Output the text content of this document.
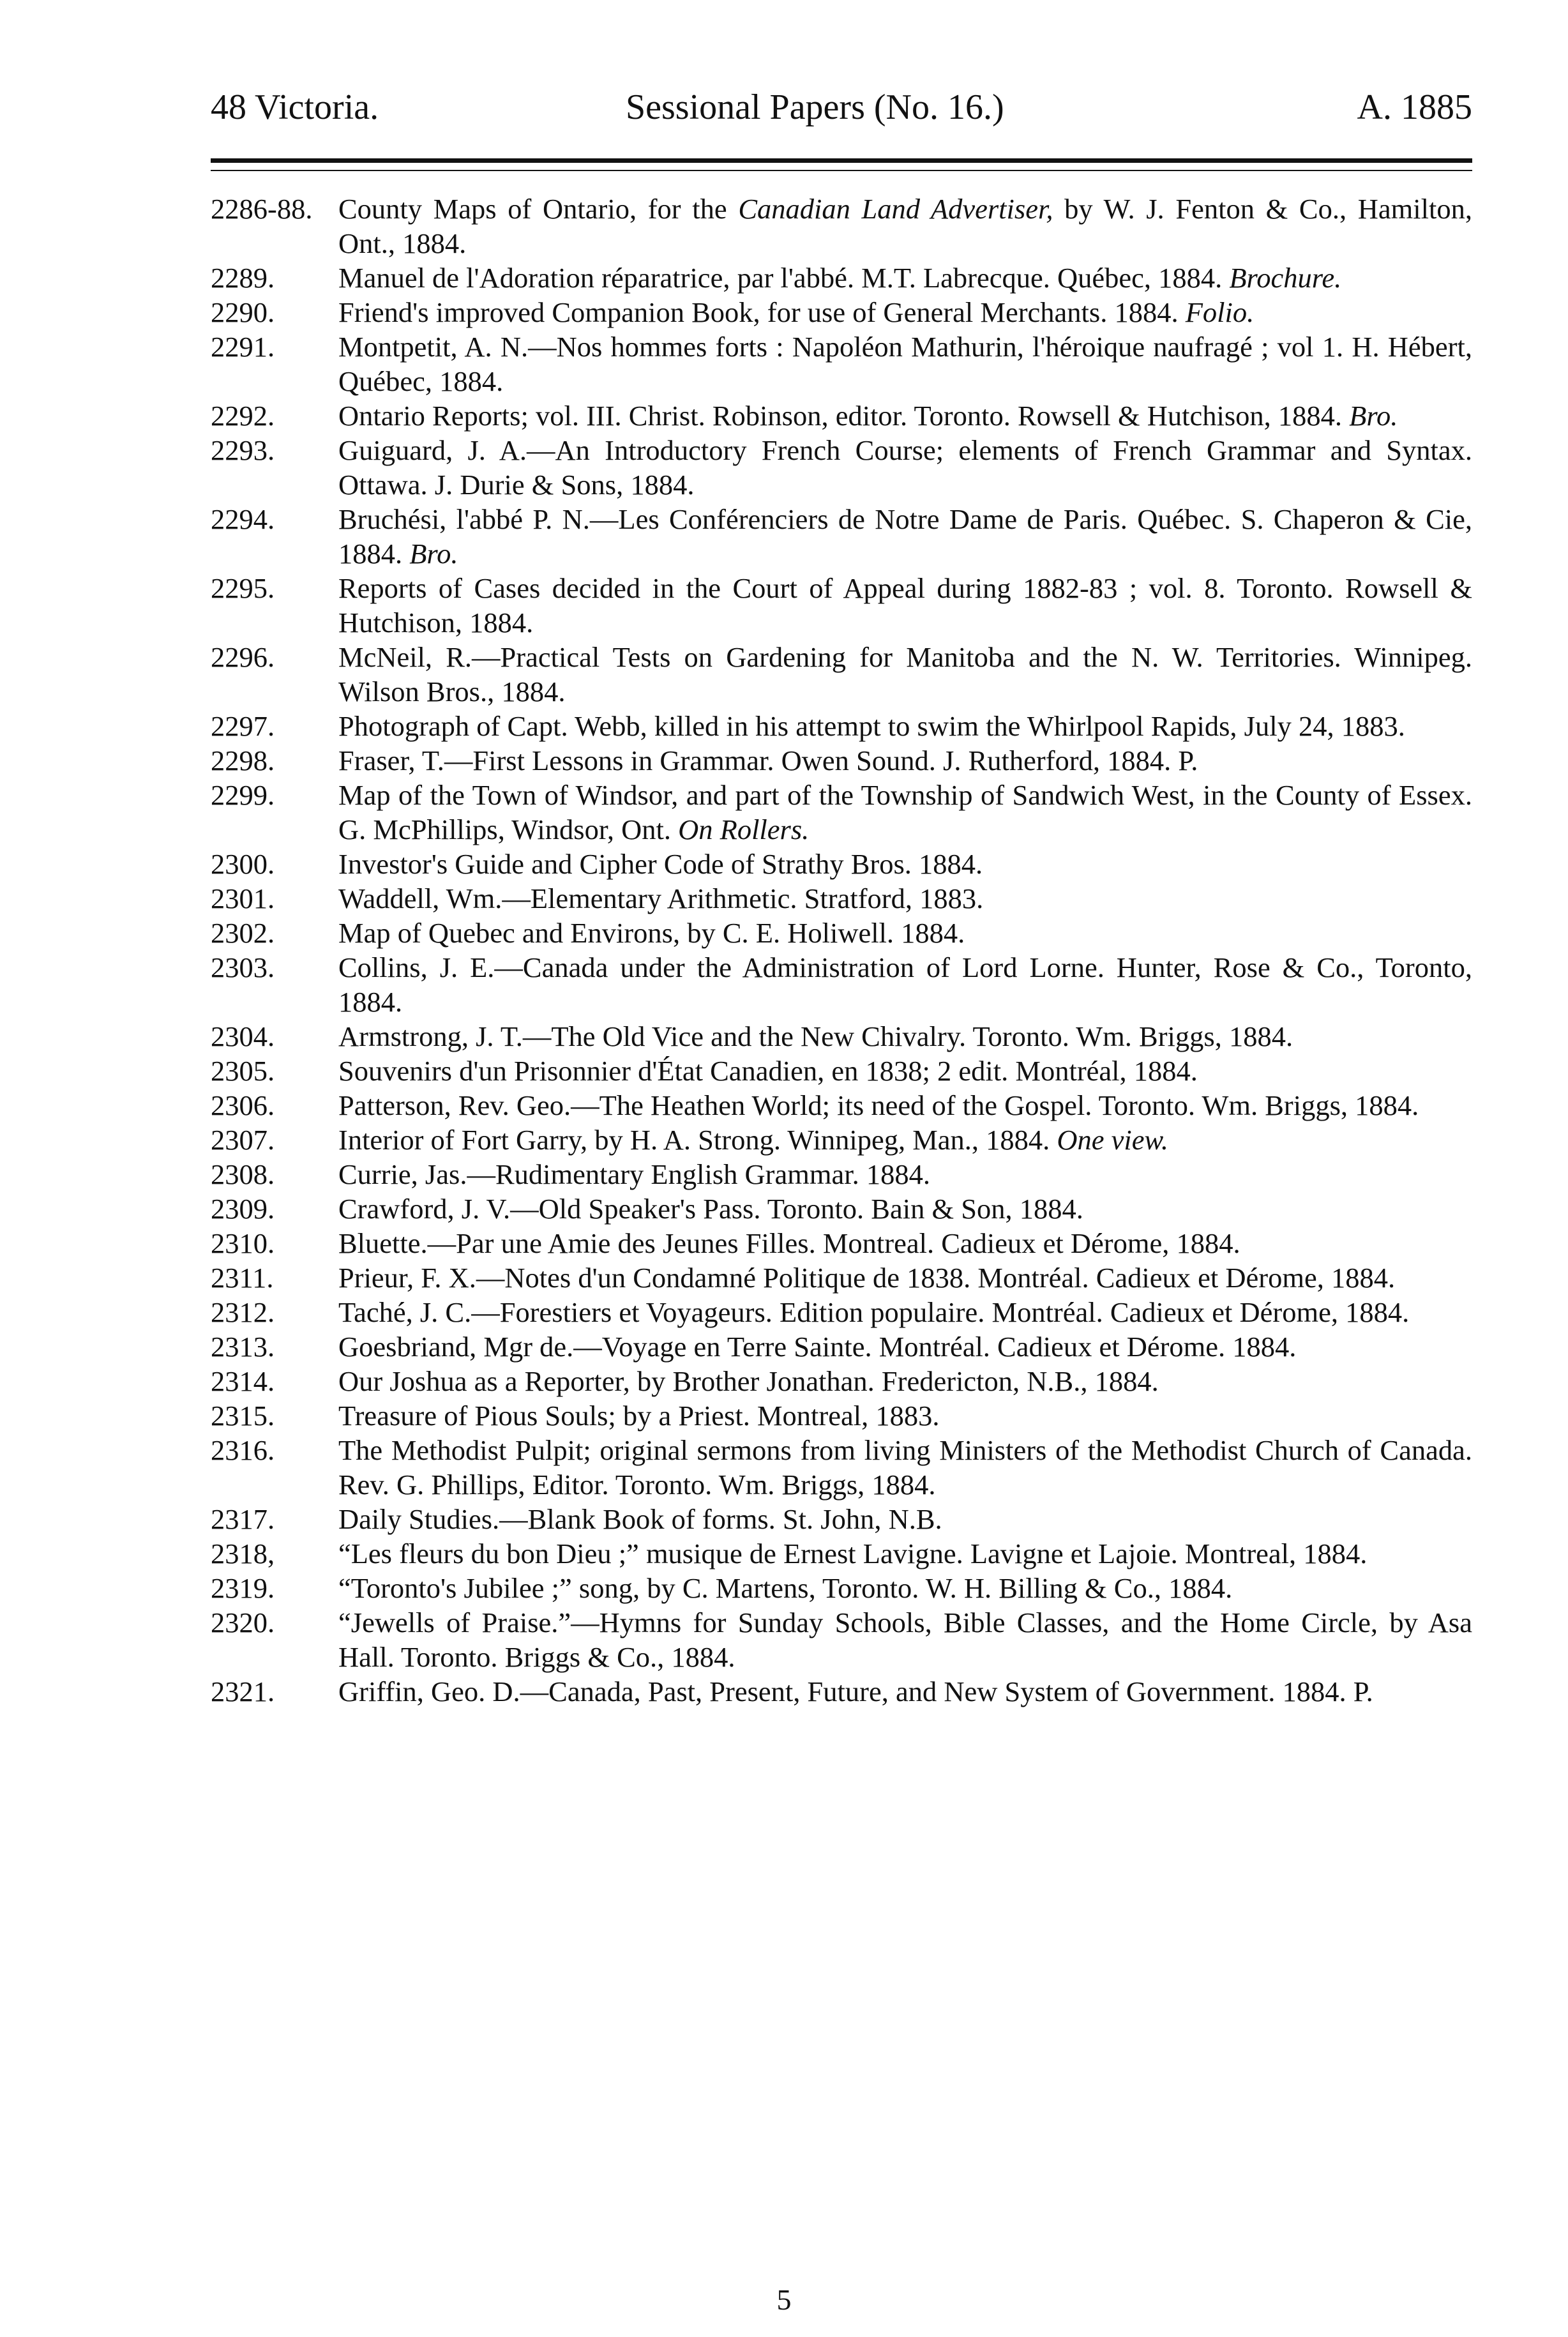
48 Victoria.	Sessional Papers (No. 16.)	A. 1885
2286-88. County Maps of Ontario, for the Canadian Land Advertiser, by W. J. Fenton & Co., Hamilton, Ont., 1884.
2289.	Manuel de l'Adoration réparatrice, par l'abbé. M.T. Labrecque. Québec, 1884. Brochure.
2290.	Friend's improved Companion Book, for use of General Merchants. 1884. Folio.
2291.	Montpetit, A. N.—Nos hommes forts : Napoléon Mathurin, l'héroique naufragé ; vol 1. H. Hébert, Québec, 1884.
2292.	Ontario Reports; vol. III. Christ. Robinson, editor. Toronto. Rowsell & Hutchison, 1884. Bro.
2293.	Guiguard, J. A.—An Introductory French Course; elements of French Grammar and Syntax. Ottawa. J. Durie & Sons, 1884.
2294.	Bruchési, l'abbé P. N.—Les Conférenciers de Notre Dame de Paris. Québec. S. Chaperon & Cie, 1884. Bro.
2295.	Reports of Cases decided in the Court of Appeal during 1882-83 ; vol. 8. Toronto. Rowsell & Hutchison, 1884.
2296.	McNeil, R.—Practical Tests on Gardening for Manitoba and the N. W. Territories. Winnipeg. Wilson Bros., 1884.
2297.	Photograph of Capt. Webb, killed in his attempt to swim the Whirlpool Rapids, July 24, 1883.
2298.	Fraser, T.—First Lessons in Grammar. Owen Sound. J. Rutherford, 1884. P.
2299.	Map of the Town of Windsor, and part of the Township of Sandwich West, in the County of Essex. G. McPhillips, Windsor, Ont. On Rollers.
2300.	Investor's Guide and Cipher Code of Strathy Bros. 1884.
2301.	Waddell, Wm.—Elementary Arithmetic. Stratford, 1883.
2302.	Map of Quebec and Environs, by C. E. Holiwell. 1884.
2303.	Collins, J. E.—Canada under the Administration of Lord Lorne. Hunter, Rose & Co., Toronto, 1884.
2304.	Armstrong, J. T.—The Old Vice and the New Chivalry. Toronto. Wm. Briggs, 1884.
2305.	Souvenirs d'un Prisonnier d'État Canadien, en 1838; 2 edit. Montréal, 1884.
2306.	Patterson, Rev. Geo.—The Heathen World; its need of the Gospel. Toronto. Wm. Briggs, 1884.
2307.	Interior of Fort Garry, by H. A. Strong. Winnipeg, Man., 1884. One view.
2308.	Currie, Jas.—Rudimentary English Grammar. 1884.
2309.	Crawford, J. V.—Old Speaker's Pass. Toronto. Bain & Son, 1884.
2310.	Bluette.—Par une Amie des Jeunes Filles. Montreal. Cadieux et Dérome, 1884.
2311.	Prieur, F. X.—Notes d'un Condamné Politique de 1838. Montréal. Cadieux et Dérome, 1884.
2312.	Taché, J. C.—Forestiers et Voyageurs. Edition populaire. Montréal. Cadieux et Dérome, 1884.
2313.	Goesbriand, Mgr de.—Voyage en Terre Sainte. Montréal. Cadieux et Dérome. 1884.
2314.	Our Joshua as a Reporter, by Brother Jonathan. Fredericton, N.B., 1884.
2315.	Treasure of Pious Souls; by a Priest. Montreal, 1883.
2316.	The Methodist Pulpit; original sermons from living Ministers of the Methodist Church of Canada. Rev. G. Phillips, Editor. Toronto. Wm. Briggs, 1884.
2317.	Daily Studies.—Blank Book of forms. St. John, N.B.
2318,	“Les fleurs du bon Dieu ;” musique de Ernest Lavigne. Lavigne et Lajoie. Montreal, 1884.
2319.	“Toronto's Jubilee ;” song, by C. Martens, Toronto. W. H. Billing & Co., 1884.
2320.	“Jewells of Praise.”—Hymns for Sunday Schools, Bible Classes, and the Home Circle, by Asa Hall. Toronto. Briggs & Co., 1884.
2321.	Griffin, Geo. D.—Canada, Past, Present, Future, and New System of Government. 1884. P.
5
